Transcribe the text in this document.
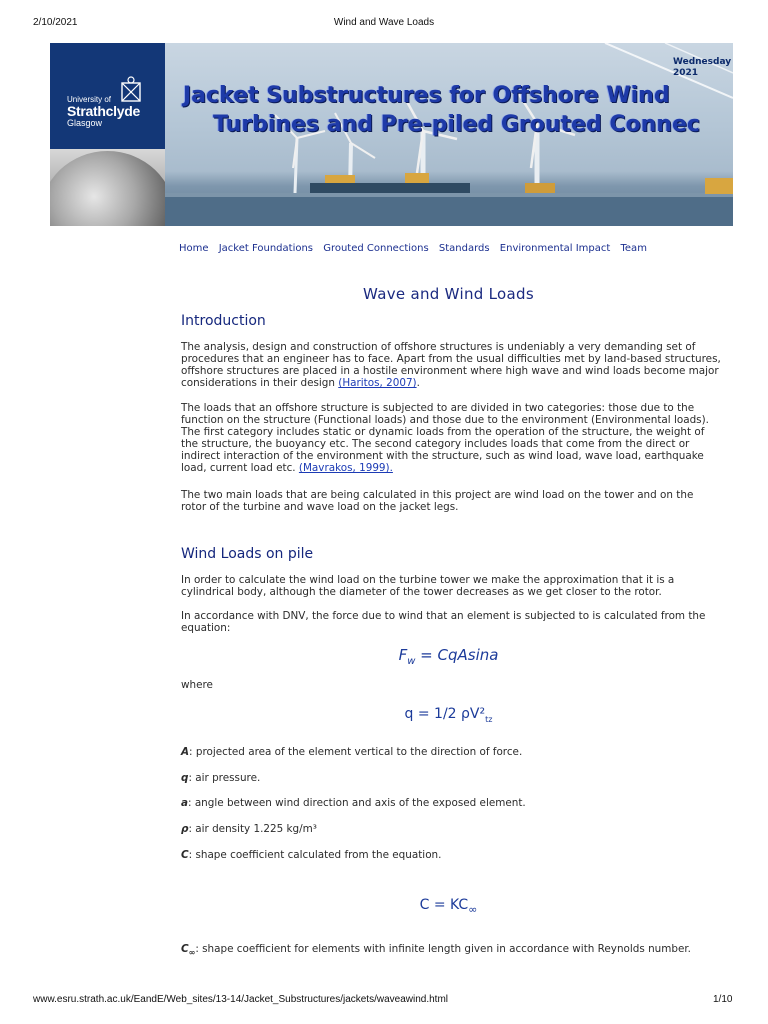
2/10/2021	Wind and Wave Loads
University of
Strathclyde
Glasgow
Wednesday
2021
Jacket Substructures for Offshore Wind
Turbines and Pre-piled Grouted Connec
Home Jacket Foundations Grouted Connections Standards Environmental Impact Team
Wave and Wind Loads
Introduction

The analysis, design and construction of offshore structures is undeniably a very demanding set of procedures that an engineer has to face. Apart from the usual difficulties met by land-based structures, offshore structures are placed in a hostile environment where high wave and wind loads become major considerations in their design (Haritos, 2007).

The loads that an offshore structure is subjected to are divided in two categories: those due to the function on the structure (Functional loads) and those due to the environment (Environmental loads). The first category includes static or dynamic loads from the operation of the structure, the weight of the structure, the buoyancy etc. The second category includes loads that come from the direct or indirect interaction of the environment with the structure, such as wind load, wave load, earthquake load, current load etc. (Mavrakos, 1999).

The two main loads that are being calculated in this project are wind load on the tower and on the rotor of the turbine and wave load on the jacket legs.

Wind Loads on pile

In order to calculate the wind load on the turbine tower we make the approximation that it is a cylindrical body, although the diameter of the tower decreases as we get closer to the rotor.

In accordance with DNV, the force due to wind that an element is subjected to is calculated from the equation:

$F_w = CqAsina$

where

q = 1/2 $\rho V^2_{tz}$
A: projected area of the element vertical to the direction of force.
q: air pressure.
a: angle between wind direction and axis of the exposed element.
ρ: air density 1.225 kg/m³
C: shape coefficient calculated from the equation.
$C = KC_\infty$

$C_\infty$: shape coefficient for elements with infinite length given in accordance with Reynolds number.

www.esru.strath.ac.uk/EandE/Web_sites/13-14/Jacket_Substructures/jackets/waveawind.html	1/10
